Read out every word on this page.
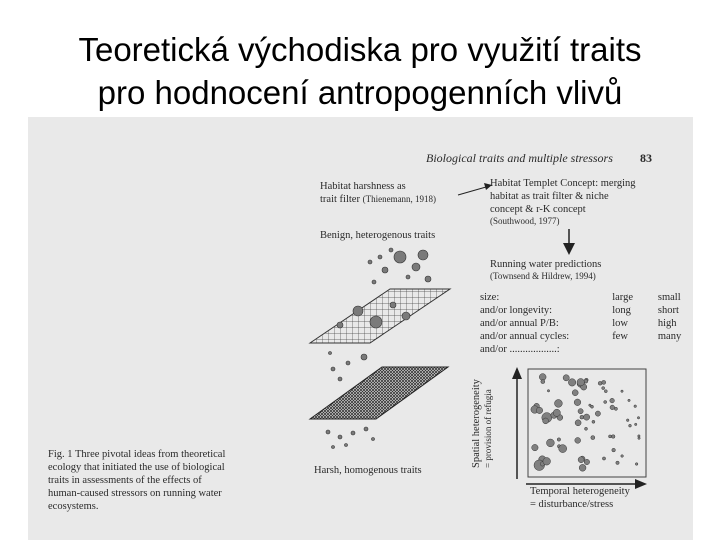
Teoretická východiska pro využití traits
pro hodnocení antropogenních vlivů
Biological traits and multiple stressors 83
Habitat harshness as
trait filter (Thienemann, 1918)
Benign, heterogenous traits
Harsh, homogenous traits
Habitat Templet Concept: merging
habitat as trait filter & niche
concept & r-K concept
(Southwood, 1977)
Running water predictions
(Townsend & Hildrew, 1994)
size:	large	small
and/or longevity:	long	short
and/or annual P/B:	low	high
and/or annual cycles:	few	many
and/or ..................:		
Spatial heterogeneity = provision of refugia
Temporal heterogeneity
= disturbance/stress
Fig. 1 Three pivotal ideas from theoretical
ecology that initiated the use of biological
traits in assessments of the effects of
human-caused stressors on running water
ecosystems.
